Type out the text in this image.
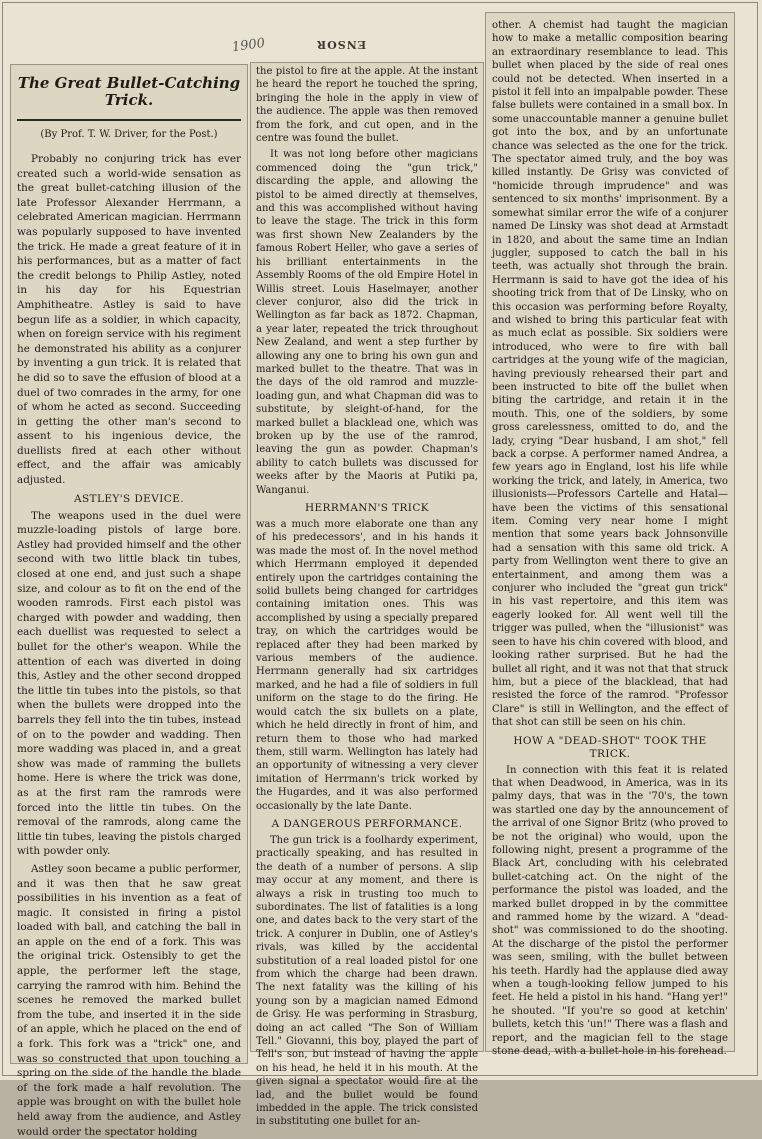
1900	ENSOR
The Great Bullet-Catching Trick.
(By Prof. T. W. Driver, for the Post.)

Probably no conjuring trick has ever created such a world-wide sensation as the great bullet-catching illusion of the late Professor Alexander Herrmann, a celebrated American magician. Herrmann was popularly supposed to have invented the trick. He made a great feature of it in his performances, but as a matter of fact the credit belongs to Philip Astley, noted in his day for his Equestrian Amphitheatre. Astley is said to have begun life as a soldier, in which capacity, when on foreign service with his regiment he demonstrated his ability as a conjurer by inventing a gun trick. It is related that he did so to save the effusion of blood at a duel of two comrades in the army, for one of whom he acted as second. Succeeding in getting the other man's second to assent to his ingenious device, the duellists fired at each other without effect, and the affair was amicably adjusted.

ASTLEY'S DEVICE.

The weapons used in the duel were muzzle-loading pistols of large bore. Astley had provided himself and the other second with two little black tin tubes, closed at one end, and just such a shape size, and colour as to fit on the end of the wooden ramrods. First each pistol was charged with powder and wadding, then each duellist was requested to select a bullet for the other's weapon. While the attention of each was diverted in doing this, Astley and the other second dropped the little tin tubes into the pistols, so that when the bullets were dropped into the barrels they fell into the tin tubes, instead of on to the powder and wadding. Then more wadding was placed in, and a great show was made of ramming the bullets home. Here is where the trick was done, as at the first ram the ramrods were forced into the little tin tubes. On the removal of the ramrods, along came the little tin tubes, leaving the pistols charged with powder only.

Astley soon became a public performer, and it was then that he saw great possibilities in his invention as a feat of magic. It consisted in firing a pistol loaded with ball, and catching the ball in an apple on the end of a fork. This was the original trick. Ostensibly to get the apple, the performer left the stage, carrying the ramrod with him. Behind the scenes he removed the marked bullet from the tube, and inserted it in the side of an apple, which he placed on the end of a fork. This fork was a "trick" one, and was so constructed that upon touching a spring on the side of the handle the blade of the fork made a half revolution. The apple was brought on with the bullet hole held away from the audience, and Astley would order the spectator holding

the pistol to fire at the apple. At the instant he heard the report he touched the spring, bringing the hole in the apply in view of the audience. The apple was then removed from the fork, and cut open, and in the centre was found the bullet.

It was not long before other magicians commenced doing the "gun trick," discarding the apple, and allowing the pistol to be aimed directly at themselves, and this was accomplished without having to leave the stage. The trick in this form was first shown New Zealanders by the famous Robert Heller, who gave a series of his brilliant entertainments in the Assembly Rooms of the old Empire Hotel in Willis street. Louis Haselmayer, another clever conjuror, also did the trick in Wellington as far back as 1872. Chapman, a year later, repeated the trick throughout New Zealand, and went a step further by allowing any one to bring his own gun and marked bullet to the theatre. That was in the days of the old ramrod and muzzle-loading gun, and what Chapman did was to substitute, by sleight-of-hand, for the marked bullet a blacklead one, which was broken up by the use of the ramrod, leaving the gun as powder. Chapman's ability to catch bullets was discussed for weeks after by the Maoris at Putiki pa, Wanganui.

HERRMANN'S TRICK

was a much more elaborate one than any of his predecessors', and in his hands it was made the most of. In the novel method which Herrmann employed it depended entirely upon the cartridges containing the solid bullets being changed for cartridges containing imitation ones. This was accomplished by using a specially prepared tray, on which the cartridges would be replaced after they had been marked by various members of the audience. Herrmann generally had six cartridges marked, and he had a file of soldiers in full uniform on the stage to do the firing. He would catch the six bullets on a plate, which he held directly in front of him, and return them to those who had marked them, still warm. Wellington has lately had an opportunity of witnessing a very clever imitation of Herrmann's trick worked by the Hugardes, and it was also performed occasionally by the late Dante.

A DANGEROUS PERFORMANCE.

The gun trick is a foolhardy experiment, practically speaking, and has resulted in the death of a number of persons. A slip may occur at any moment, and there is always a risk in trusting too much to subordinates. The list of fatalities is a long one, and dates back to the very start of the trick. A conjurer in Dublin, one of Astley's rivals, was killed by the accidental substitution of a real loaded pistol for one from which the charge had been drawn. The next fatality was the killing of his young son by a magician named Edmond de Grisy. He was performing in Strasburg, doing an act called "The Son of William Tell." Giovanni, this boy, played the part of Tell's son, but instead of having the apple on his head, he held it in his mouth. At the given signal a spectator would fire at the lad, and the bullet would be found imbedded in the apple. The trick consisted in substituting one bullet for an-

other. A chemist had taught the magician how to make a metallic composition bearing an extraordinary resemblance to lead. This bullet when placed by the side of real ones could not be detected. When inserted in a pistol it fell into an impalpable powder. These false bullets were contained in a small box. In some unaccountable manner a genuine bullet got into the box, and by an unfortunate chance was selected as the one for the trick. The spectator aimed truly, and the boy was killed instantly. De Grisy was convicted of "homicide through imprudence" and was sentenced to six months' imprisonment. By a somewhat similar error the wife of a conjurer named De Linsky was shot dead at Armstadt in 1820, and about the same time an Indian juggler, supposed to catch the ball in his teeth, was actually shot through the brain. Herrmann is said to have got the idea of his shooting trick from that of De Linsky, who on this occasion was performing before Royalty, and wished to bring this particular feat with as much eclat as possible. Six soldiers were introduced, who were to fire with ball cartridges at the young wife of the magician, having previously rehearsed their part and been instructed to bite off the bullet when biting the cartridge, and retain it in the mouth. This, one of the soldiers, by some gross carelessness, omitted to do, and the lady, crying "Dear husband, I am shot," fell back a corpse. A performer named Andrea, a few years ago in England, lost his life while working the trick, and lately, in America, two illusionists—Professors Cartelle and Hatal—have been the victims of this sensational item. Coming very near home I might mention that some years back Johnsonville had a sensation with this same old trick. A party from Wellington went there to give an entertainment, and among them was a conjurer who included the "great gun trick" in his vast repertoire, and this item was eagerly looked for. All went well till the trigger was pulled, when the "illusionist" was seen to have his chin covered with blood, and looking rather surprised. But he had the bullet all right, and it was not that that struck him, but a piece of the blacklead, that had resisted the force of the ramrod. "Professor Clare" is still in Wellington, and the effect of that shot can still be seen on his chin.

HOW A "DEAD-SHOT" TOOK THE TRICK.

In connection with this feat it is related that when Deadwood, in America, was in its palmy days, that was in the '70's, the town was startled one day by the announcement of the arrival of one Signor Britz (who proved to be not the original) who would, upon the following night, present a programme of the Black Art, concluding with his celebrated bullet-catching act. On the night of the performance the pistol was loaded, and the marked bullet dropped in by the committee and rammed home by the wizard. A "dead-shot" was commissioned to do the shooting. At the discharge of the pistol the performer was seen, smiling, with the bullet between his teeth. Hardly had the applause died away when a tough-looking fellow jumped to his feet. He held a pistol in his hand. "Hang yer!" he shouted. "If you're so good at ketchin' bullets, ketch this 'un!" There was a flash and report, and the magician fell to the stage stone dead, with a bullet-hole in his forehead.
